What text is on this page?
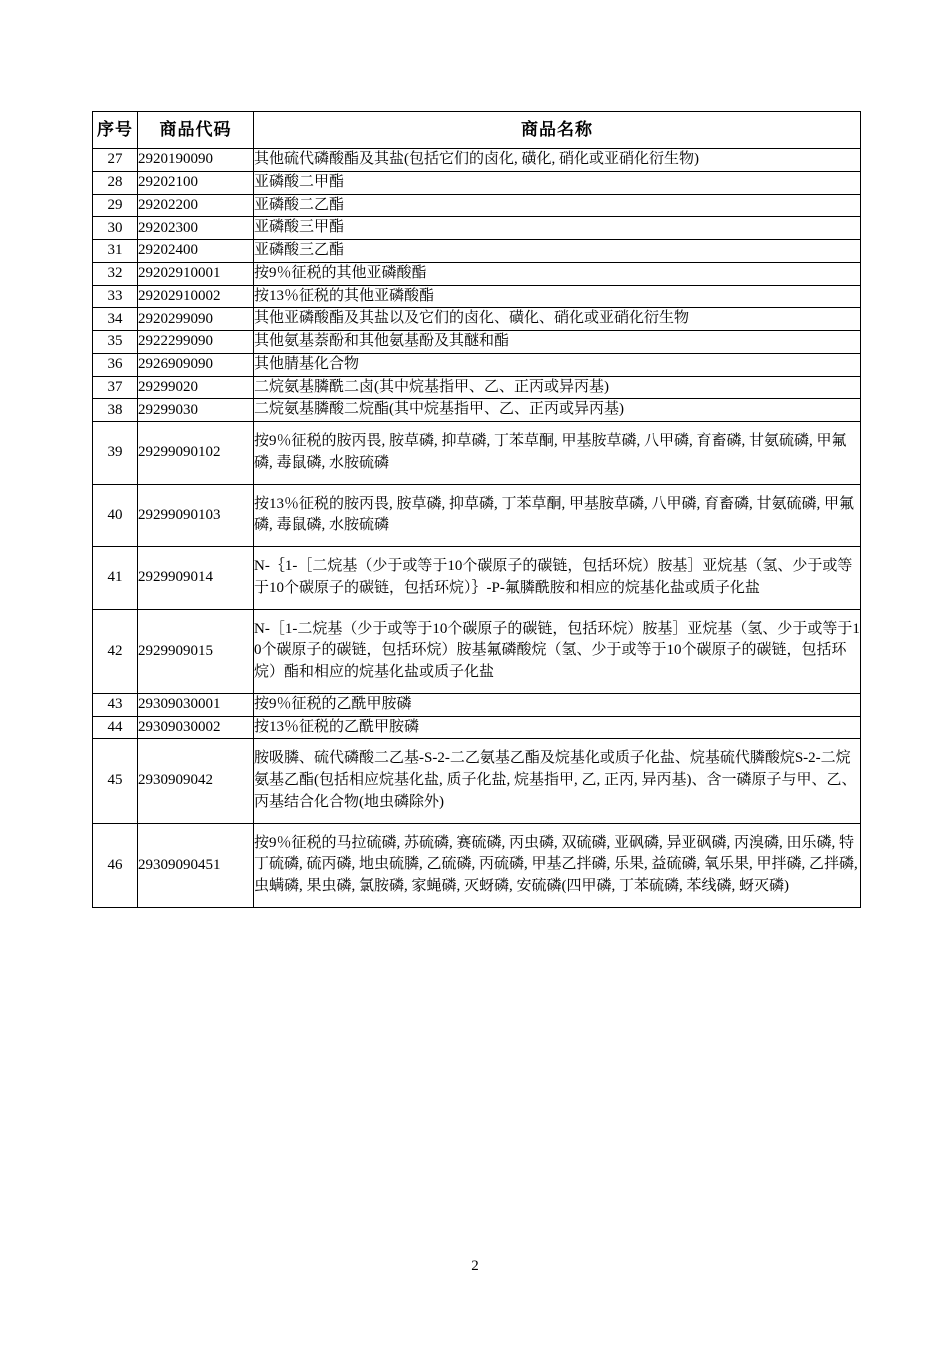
序号	商品代码	商品名称
27	2920190090	其他硫代磷酸酯及其盐(包括它们的卤化, 磺化, 硝化或亚硝化衍生物)
28	29202100	亚磷酸二甲酯
29	29202200	亚磷酸二乙酯
30	29202300	亚磷酸三甲酯
31	29202400	亚磷酸三乙酯
32	29202910001	按9％征税的其他亚磷酸酯
33	29202910002	按13％征税的其他亚磷酸酯
34	2920299090	其他亚磷酸酯及其盐以及它们的卤化、磺化、硝化或亚硝化衍生物
35	2922299090	其他氨基萘酚和其他氨基酚及其醚和酯
36	2926909090	其他腈基化合物
37	29299020	二烷氨基膦酰二卤(其中烷基指甲、乙、正丙或异丙基)
38	29299030	二烷氨基膦酸二烷酯(其中烷基指甲、乙、正丙或异丙基)
39	29299090102	按9％征税的胺丙畏, 胺草磷, 抑草磷, 丁苯草酮, 甲基胺草磷, 八甲磷, 育畜磷, 甘氨硫磷, 甲氟磷, 毒鼠磷, 水胺硫磷
40	29299090103	按13％征税的胺丙畏, 胺草磷, 抑草磷, 丁苯草酮, 甲基胺草磷, 八甲磷, 育畜磷, 甘氨硫磷, 甲氟磷, 毒鼠磷, 水胺硫磷
41	2929909014	N-｛1-［二烷基（少于或等于10个碳原子的碳链，包括环烷）胺基］亚烷基（氢、少于或等于10个碳原子的碳链，包括环烷）｝-P-氟膦酰胺和相应的烷基化盐或质子化盐
42	2929909015	N-［1-二烷基（少于或等于10个碳原子的碳链，包括环烷）胺基］亚烷基（氢、少于或等于10个碳原子的碳链，包括环烷）胺基氟磷酸烷（氢、少于或等于10个碳原子的碳链，包括环烷）酯和相应的烷基化盐或质子化盐
43	29309030001	按9％征税的乙酰甲胺磷
44	29309030002	按13％征税的乙酰甲胺磷
45	2930909042	胺吸膦、硫代磷酸二乙基-S-2-二乙氨基乙酯及烷基化或质子化盐、烷基硫代膦酸烷S-2-二烷氨基乙酯(包括相应烷基化盐, 质子化盐, 烷基指甲, 乙, 正丙, 异丙基)、含一磷原子与甲、乙、丙基结合化合物(地虫磷除外)
46	29309090451	按9％征税的马拉硫磷, 苏硫磷, 赛硫磷, 丙虫磷, 双硫磷, 亚砜磷, 异亚砜磷, 丙溴磷, 田乐磷, 特丁硫磷, 硫丙磷, 地虫硫膦, 乙硫磷, 丙硫磷, 甲基乙拌磷, 乐果, 益硫磷, 氧乐果, 甲拌磷, 乙拌磷, 虫螨磷, 果虫磷, 氯胺磷, 家蝇磷, 灭蚜磷, 安硫磷(四甲磷, 丁苯硫磷, 苯线磷, 蚜灭磷)
2
